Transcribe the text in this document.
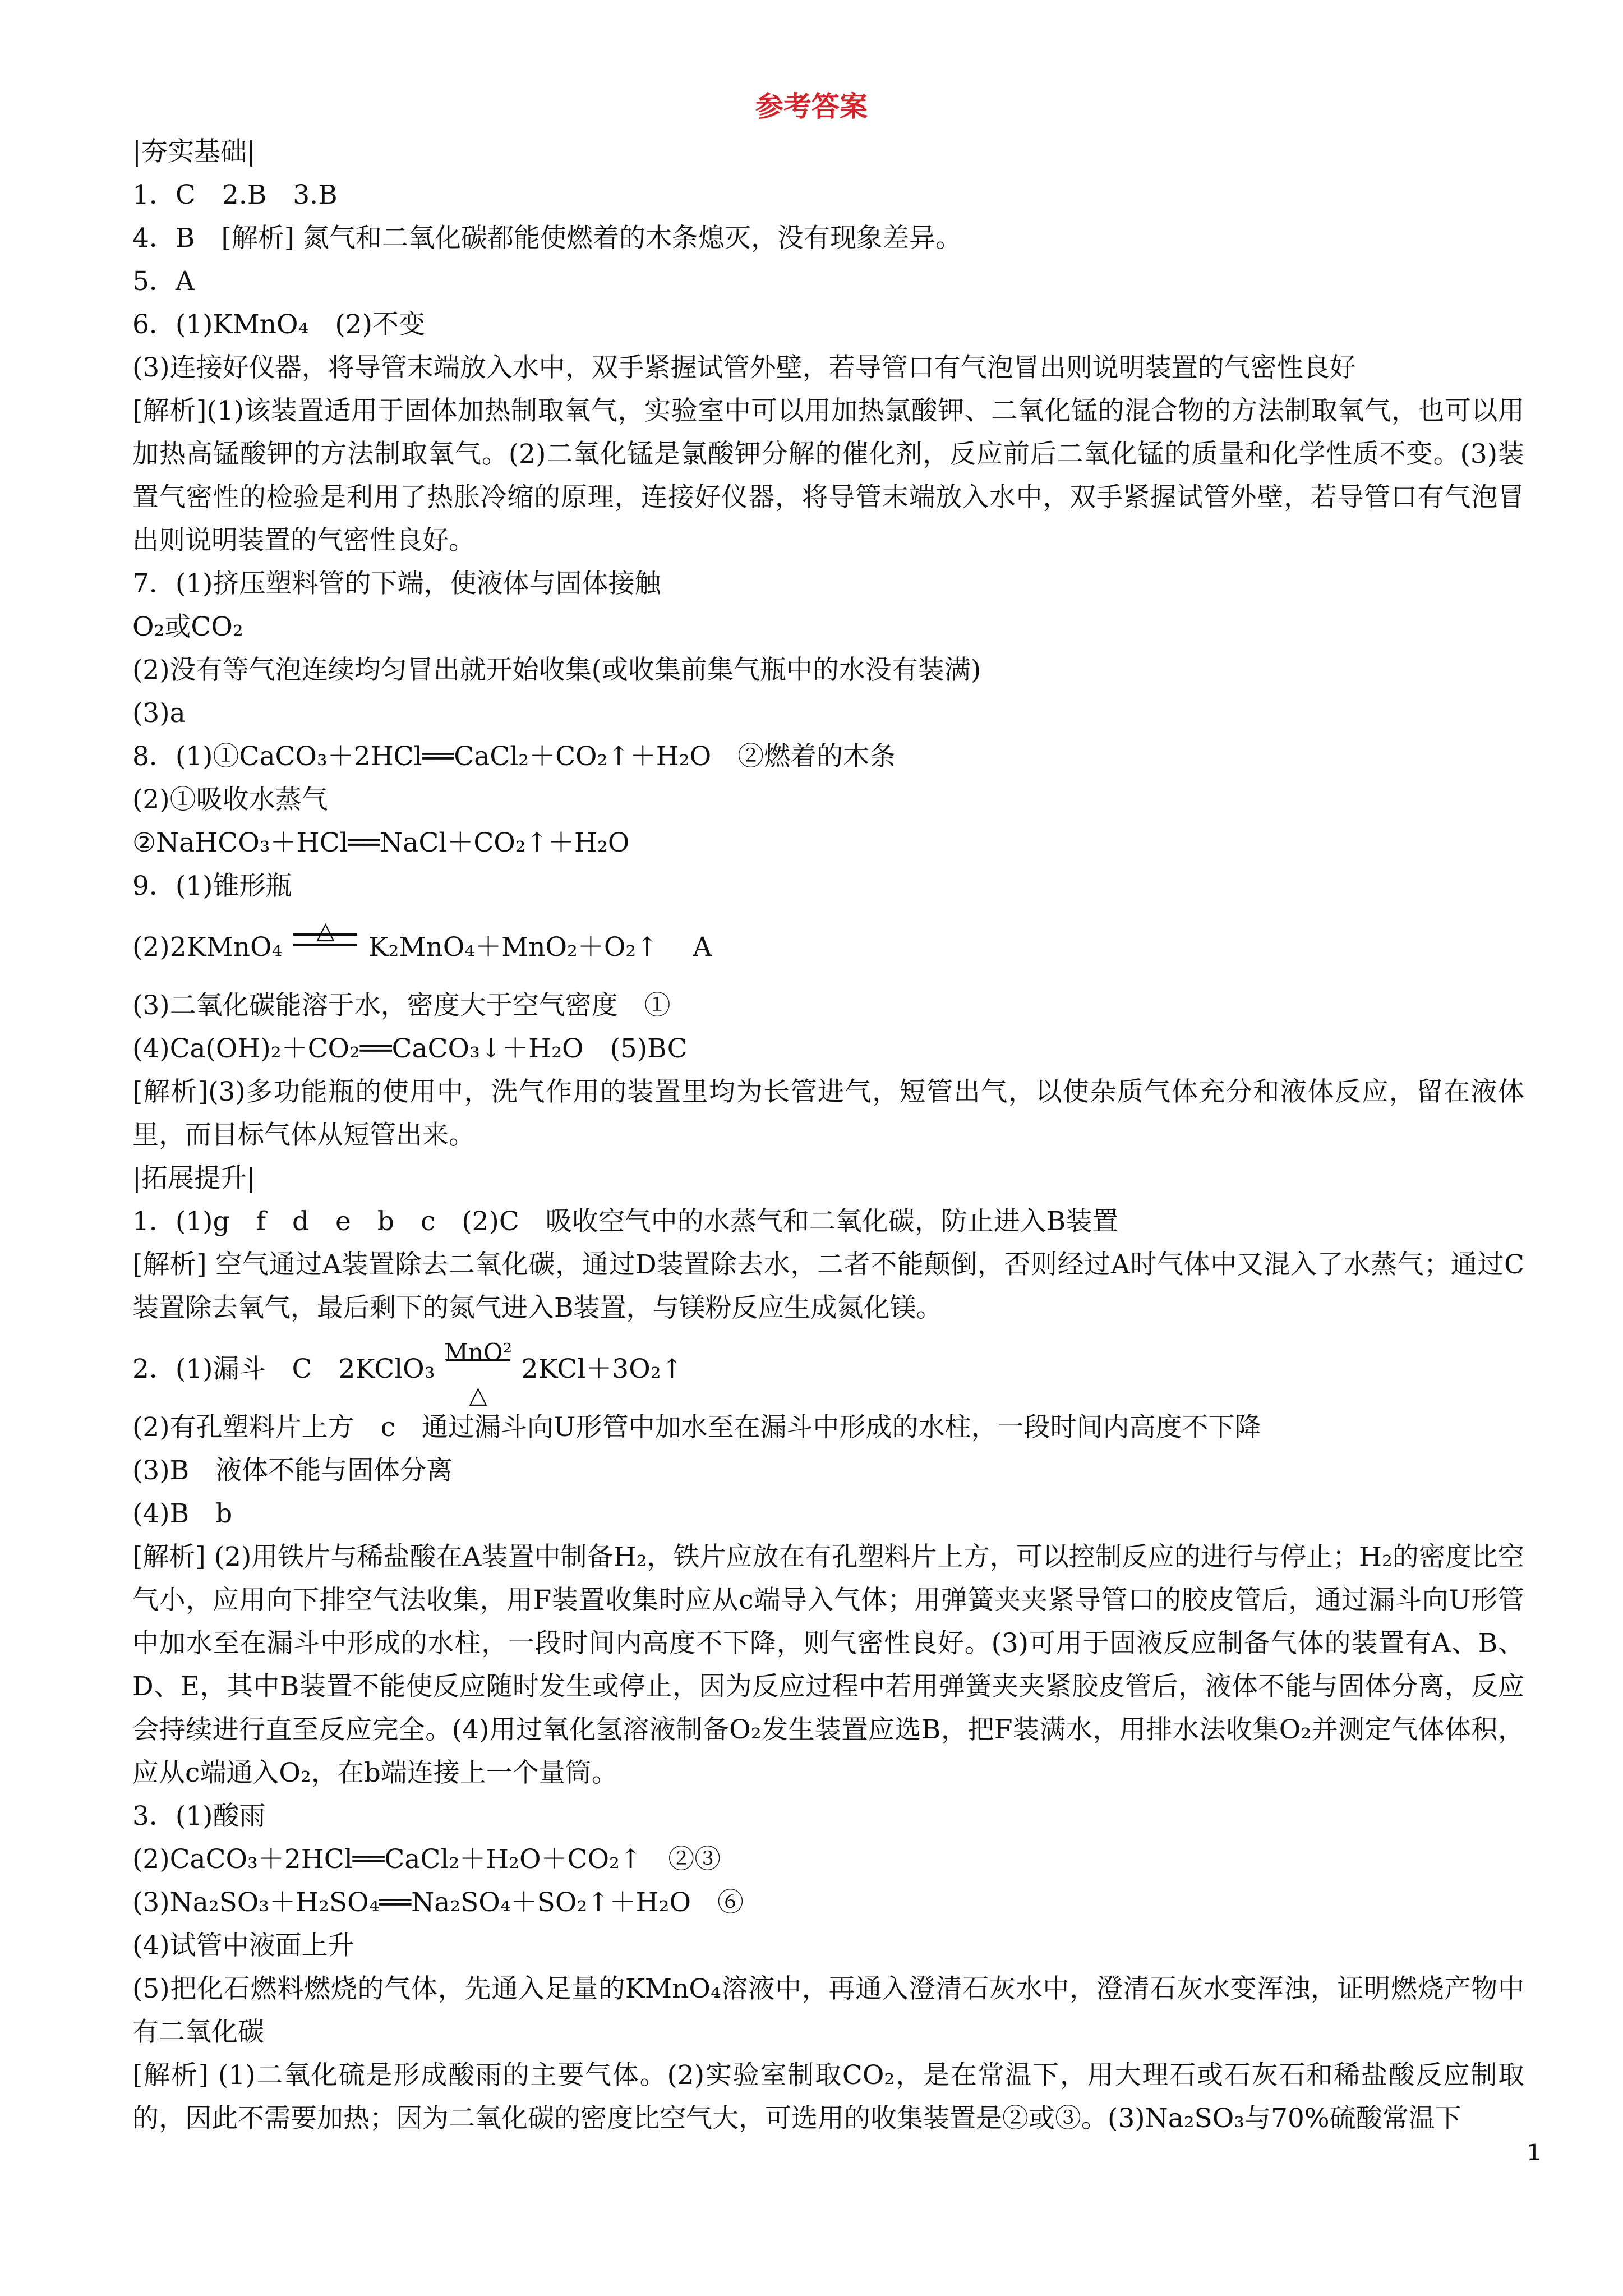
参考答案

|夯实基础|

1．C　2.B　3.B

4．B　[解析] 氮气和二氧化碳都能使燃着的木条熄灭，没有现象差异。

5．A

6．(1)KMnO₄　(2)不变

(3)连接好仪器，将导管末端放入水中，双手紧握试管外壁，若导管口有气泡冒出则说明装置的气密性良好

[解析](1)该装置适用于固体加热制取氧气，实验室中可以用加热氯酸钾、二氧化锰的混合物的方法制取氧气，也可以用加热高锰酸钾的方法制取氧气。(2)二氧化锰是氯酸钾分解的催化剂，反应前后二氧化锰的质量和化学性质不变。(3)装置气密性的检验是利用了热胀冷缩的原理，连接好仪器，将导管末端放入水中，双手紧握试管外壁，若导管口有气泡冒出则说明装置的气密性良好。

7．(1)挤压塑料管的下端，使液体与固体接触

O₂或CO₂

(2)没有等气泡连续均匀冒出就开始收集(或收集前集气瓶中的水没有装满)

(3)a

8．(1)①CaCO₃＋2HCl══CaCl₂＋CO₂↑＋H₂O　②燃着的木条

(2)①吸收水蒸气

②NaHCO₃＋HCl══NaCl＋CO₂↑＋H₂O

9．(1)锥形瓶

(2)2KMnO₄
△
K₂MnO₄＋MnO₂＋O₂↑　 A

(3)二氧化碳能溶于水，密度大于空气密度　①

(4)Ca(OH)₂＋CO₂══CaCO₃↓＋H₂O　(5)BC

[解析](3)多功能瓶的使用中，洗气作用的装置里均为长管进气，短管出气，以使杂质气体充分和液体反应，留在液体里，而目标气体从短管出来。

|拓展提升|

1．(1)g　f　d　e　b　c　(2)C　吸收空气中的水蒸气和二氧化碳，防止进入B装置

[解析] 空气通过A装置除去二氧化碳，通过D装置除去水，二者不能颠倒，否则经过A时气体中又混入了水蒸气；通过C装置除去氧气，最后剩下的氮气进入B装置，与镁粉反应生成氮化镁。

2．(1)漏斗　C　2KClO₃
MnO²
△
2KCl＋3O₂↑

(2)有孔塑料片上方　c　通过漏斗向U形管中加水至在漏斗中形成的水柱，一段时间内高度不下降

(3)B　液体不能与固体分离

(4)B　b

[解析] (2)用铁片与稀盐酸在A装置中制备H₂，铁片应放在有孔塑料片上方，可以控制反应的进行与停止；H₂的密度比空气小，应用向下排空气法收集，用F装置收集时应从c端导入气体；用弹簧夹夹紧导管口的胶皮管后，通过漏斗向U形管中加水至在漏斗中形成的水柱，一段时间内高度不下降，则气密性良好。(3)可用于固液反应制备气体的装置有A、B、D、E，其中B装置不能使反应随时发生或停止，因为反应过程中若用弹簧夹夹紧胶皮管后，液体不能与固体分离，反应会持续进行直至反应完全。(4)用过氧化氢溶液制备O₂发生装置应选B，把F装满水，用排水法收集O₂并测定气体体积，应从c端通入O₂，在b端连接上一个量筒。

3．(1)酸雨

(2)CaCO₃＋2HCl══CaCl₂＋H₂O＋CO₂↑　②③

(3)Na₂SO₃＋H₂SO₄══Na₂SO₄＋SO₂↑＋H₂O　⑥

(4)试管中液面上升

(5)把化石燃料燃烧的气体，先通入足量的KMnO₄溶液中，再通入澄清石灰水中，澄清石灰水变浑浊，证明燃烧产物中有二氧化碳

[解析] (1)二氧化硫是形成酸雨的主要气体。(2)实验室制取CO₂，是在常温下，用大理石或石灰石和稀盐酸反应制取的，因此不需要加热；因为二氧化碳的密度比空气大，可选用的收集装置是②或③。(3)Na₂SO₃与70%硫酸常温下

1
